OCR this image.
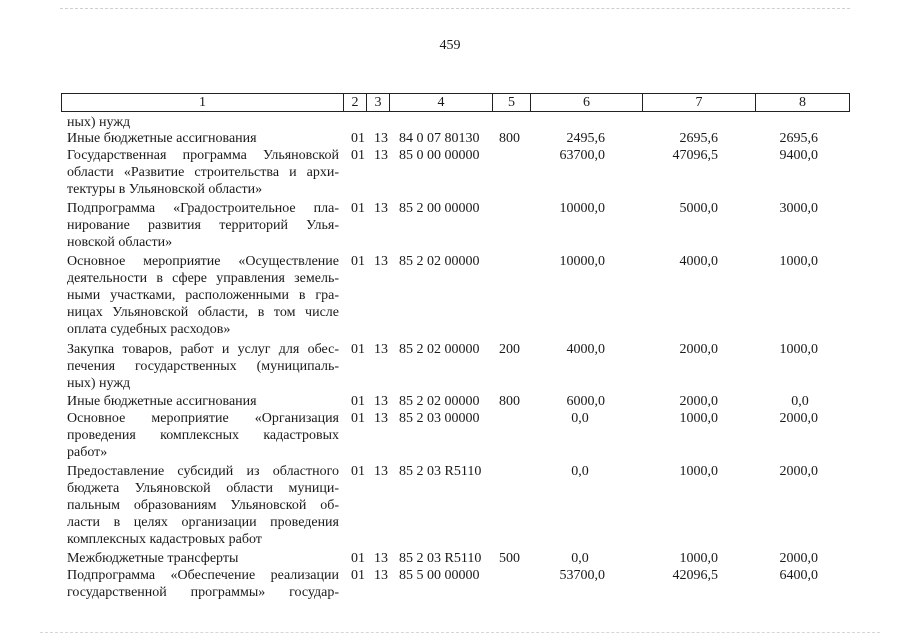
459
1	2	3	4	5	6	7	8
ных) нужд
Иные бюджетные ассигнования	01 13 84 0 07 80130 800	2495,6	2695,6	2695,6
Государственная программа Ульяновской
области «Развитие строительства и архи-
тектуры в Ульяновской области»
01 13 85 0 00 00000	63700,0	47096,5	9400,0
Подпрограмма «Градостроительное пла-
нирование развития территорий Улья-
новской области»
01 13 85 2 00 00000	10000,0	5000,0	3000,0
Основное мероприятие «Осуществление
деятельности в сфере управления земель-
ными участками, расположенными в гра-
ницах Ульяновской области, в том числе
оплата судебных расходов»
01 13 85 2 02 00000	10000,0	4000,0	1000,0
Закупка товаров, работ и услуг для обес-
печения государственных (муниципаль-
ных) нужд
01 13 85 2 02 00000 200	4000,0	2000,0	1000,0
Иные бюджетные ассигнования	01 13 85 2 02 00000 800	6000,0	2000,0	0,0
Основное мероприятие «Организация
проведения комплексных кадастровых
работ»
01 13 85 2 03 00000	0,0	1000,0	2000,0
Предоставление субсидий из областного
бюджета Ульяновской области муници-
пальным образованиям Ульяновской об-
ласти в целях организации проведения
комплексных кадастровых работ
01 13 85 2 03 R5110	0,0	1000,0	2000,0
Межбюджетные трансферты	01 13 85 2 03 R5110 500	0,0	1000,0	2000,0
Подпрограмма «Обеспечение реализации
государственной программы» государ-
01 13 85 5 00 00000	53700,0	42096,5	6400,0
